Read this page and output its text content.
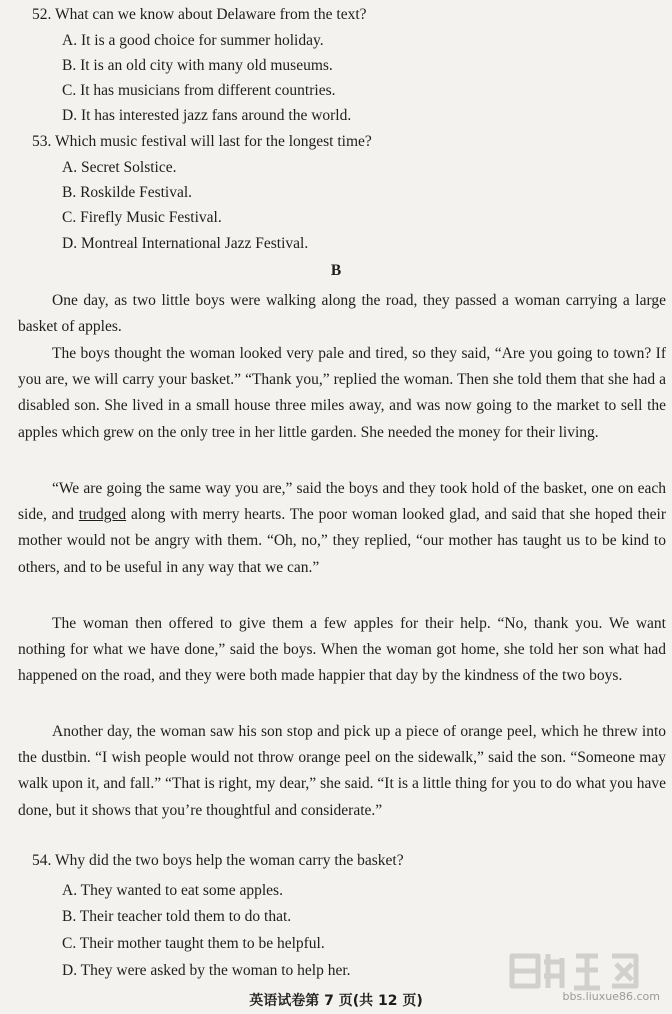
52. What can we know about Delaware from the text?
A. It is a good choice for summer holiday.
B. It is an old city with many old museums.
C. It has musicians from different countries.
D. It has interested jazz fans around the world.
53. Which music festival will last for the longest time?
A. Secret Solstice.
B. Roskilde Festival.
C. Firefly Music Festival.
D. Montreal International Jazz Festival.
B

One day, as two little boys were walking along the road, they passed a woman carrying a large basket of apples.

The boys thought the woman looked very pale and tired, so they said, “Are you going to town? If you are, we will carry your basket.” “Thank you,” replied the woman. Then she told them that she had a disabled son. She lived in a small house three miles away, and was now going to the market to sell the apples which grew on the only tree in her little garden. She needed the money for their living.

“We are going the same way you are,” said the boys and they took hold of the basket, one on each side, and trudged along with merry hearts. The poor woman looked glad, and said that she hoped their mother would not be angry with them. “Oh, no,” they replied, “our mother has taught us to be kind to others, and to be useful in any way that we can.”

The woman then offered to give them a few apples for their help. “No, thank you. We want nothing for what we have done,” said the boys. When the woman got home, she told her son what had happened on the road, and they were both made happier that day by the kindness of the two boys.

Another day, the woman saw his son stop and pick up a piece of orange peel, which he threw into the dustbin. “I wish people would not throw orange peel on the sidewalk,” said the son. “Someone may walk upon it, and fall.” “That is right, my dear,” she said. “It is a little thing for you to do what you have done, but it shows that you’re thoughtful and considerate.”

54. Why did the two boys help the woman carry the basket?
A. They wanted to eat some apples.
B. Their teacher told them to do that.
C. Their mother taught them to be helpful.
D. They were asked by the woman to help her.
英语试卷第 7 页(共 12 页)	bbs.liuxue86.com
